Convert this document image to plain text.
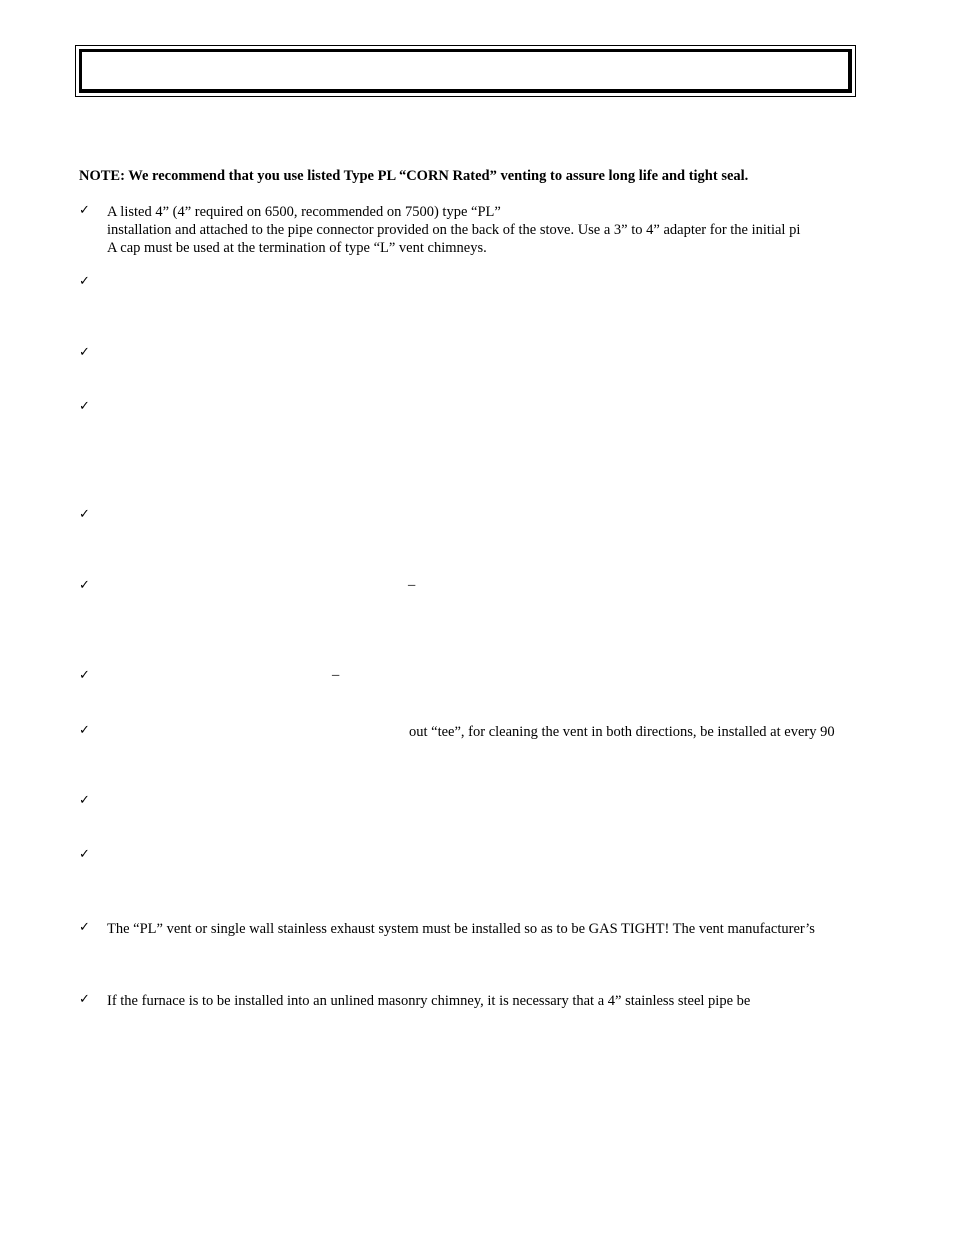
NOTE: We recommend that you use listed Type PL “CORN Rated” venting to assure long life and tight seal.
✓ A listed 4” (4” required on 6500, recommended on 7500) type “PL”
installation and attached to the pipe connector provided on the back of the stove. Use a 3” to 4” adapter for the initial pi
A cap must be used at the termination of type “L” vent chimneys.
✓
✓
✓
✓
✓	–
✓	–
✓	out “tee”, for cleaning the vent in both directions, be installed at every 90
✓
✓
✓ The “PL” vent or single wall stainless exhaust system must be installed so as to be GAS TIGHT! The vent manufacturer’s
✓ If the furnace is to be installed into an unlined masonry chimney, it is necessary that a 4” stainless steel pipe be
